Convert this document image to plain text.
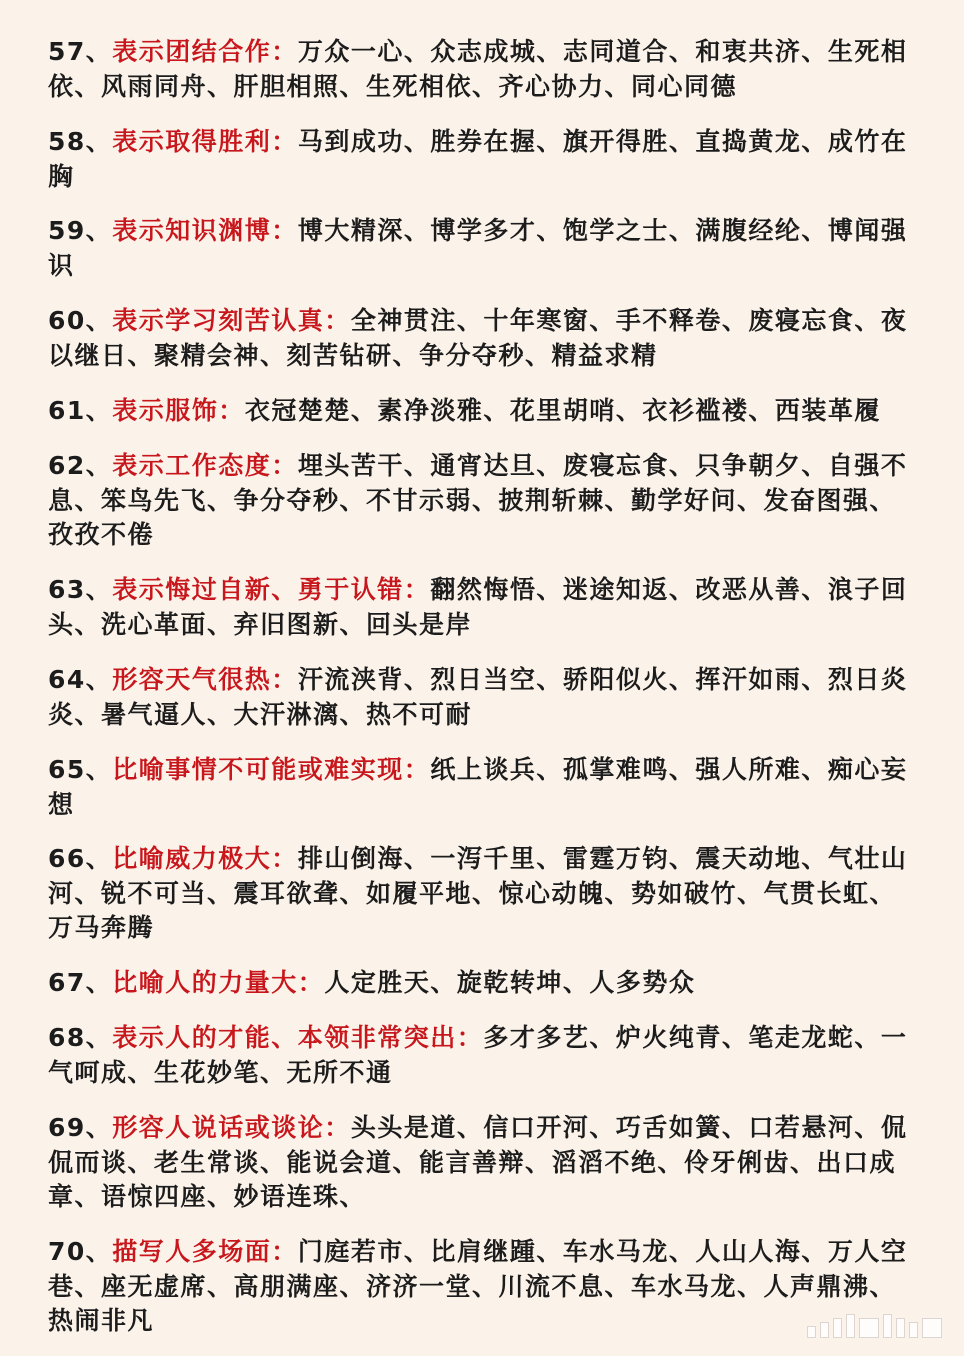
57、表示团结合作：万众一心、众志成城、志同道合、和衷共济、生死相依、风雨同舟、肝胆相照、生死相依、齐心协力、同心同德
58、表示取得胜利：马到成功、胜券在握、旗开得胜、直捣黄龙、成竹在胸
59、表示知识渊博：博大精深、博学多才、饱学之士、满腹经纶、博闻强识
60、表示学习刻苦认真：全神贯注、十年寒窗、手不释卷、废寝忘食、夜以继日、聚精会神、刻苦钻研、争分夺秒、精益求精
61、表示服饰：衣冠楚楚、素净淡雅、花里胡哨、衣衫褴褛、西装革履
62、表示工作态度：埋头苦干、通宵达旦、废寝忘食、只争朝夕、自强不息、笨鸟先飞、争分夺秒、不甘示弱、披荆斩棘、勤学好问、发奋图强、孜孜不倦
63、表示悔过自新、勇于认错：翻然悔悟、迷途知返、改恶从善、浪子回头、洗心革面、弃旧图新、回头是岸
64、形容天气很热：汗流浃背、烈日当空、骄阳似火、挥汗如雨、烈日炎炎、暑气逼人、大汗淋漓、热不可耐
65、比喻事情不可能或难实现：纸上谈兵、孤掌难鸣、强人所难、痴心妄想
66、比喻威力极大：排山倒海、一泻千里、雷霆万钧、震天动地、气壮山河、锐不可当、震耳欲聋、如履平地、惊心动魄、势如破竹、气贯长虹、万马奔腾
67、比喻人的力量大：人定胜天、旋乾转坤、人多势众
68、表示人的才能、本领非常突出：多才多艺、炉火纯青、笔走龙蛇、一气呵成、生花妙笔、无所不通
69、形容人说话或谈论：头头是道、信口开河、巧舌如簧、口若悬河、侃侃而谈、老生常谈、能说会道、能言善辩、滔滔不绝、伶牙俐齿、出口成 章、语惊四座、妙语连珠、
70、描写人多场面：门庭若市、比肩继踵、车水马龙、人山人海、万人空巷、座无虚席、高朋满座、济济一堂、川流不息、车水马龙、人声鼎沸、热闹非凡
